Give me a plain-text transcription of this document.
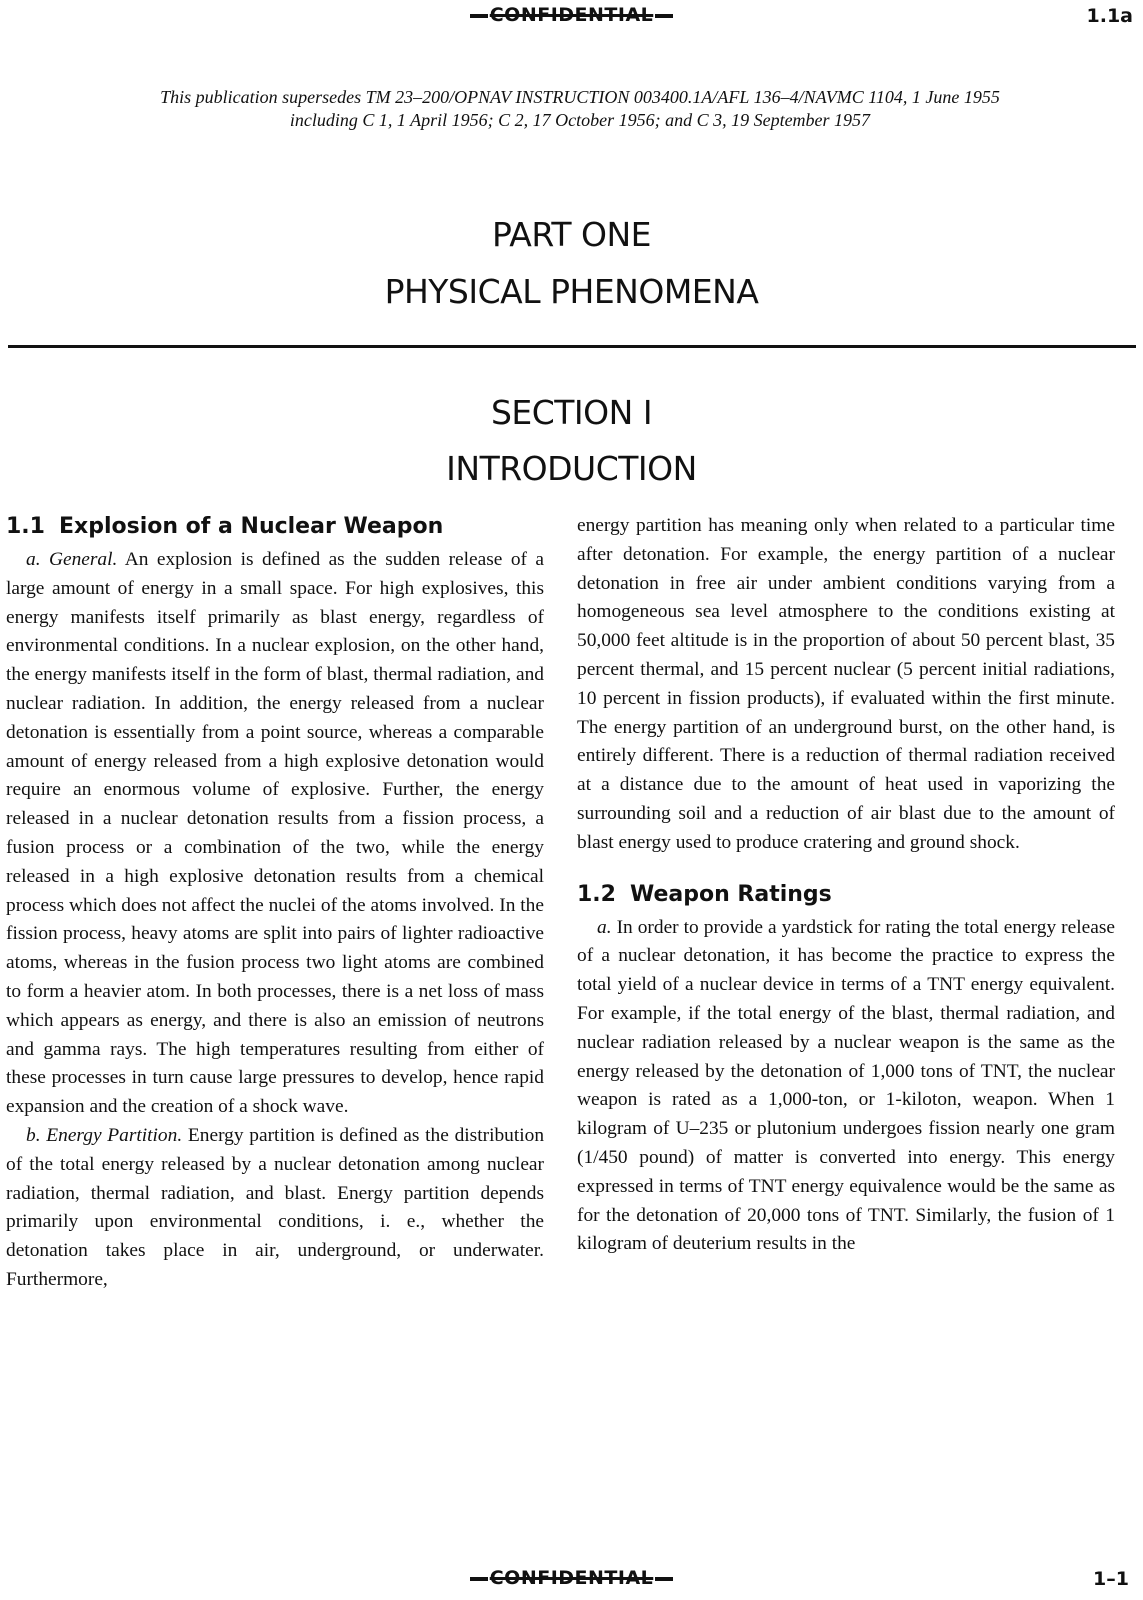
CONFIDENTIAL	1.1a
This publication supersedes TM 23–200/OPNAV INSTRUCTION 003400.1A/AFL 136–4/NAVMC 1104, 1 June 1955
including C 1, 1 April 1956; C 2, 17 October 1956; and C 3, 19 September 1957
PART ONE
PHYSICAL PHENOMENA
SECTION I
INTRODUCTION
1.1 Explosion of a Nuclear Weapon

a. General. An explosion is defined as the sudden release of a large amount of energy in a small space. For high explosives, this energy manifests itself primarily as blast energy, regardless of environmental conditions. In a nuclear explosion, on the other hand, the energy manifests itself in the form of blast, thermal radiation, and nuclear radiation. In addition, the energy released from a nuclear detonation is essentially from a point source, whereas a comparable amount of energy released from a high explosive detonation would require an enormous volume of explosive. Further, the energy released in a nuclear detonation results from a fission process, a fusion process or a combination of the two, while the energy released in a high explosive detonation results from a chemical process which does not affect the nuclei of the atoms involved. In the fission process, heavy atoms are split into pairs of lighter radioactive atoms, whereas in the fusion process two light atoms are combined to form a heavier atom. In both processes, there is a net loss of mass which appears as energy, and there is also an emission of neutrons and gamma rays. The high temperatures resulting from either of these processes in turn cause large pressures to develop, hence rapid expansion and the creation of a shock wave.

b. Energy Partition. Energy partition is defined as the distribution of the total energy released by a nuclear detonation among nuclear radiation, thermal radiation, and blast. Energy partition depends primarily upon environmental conditions, i. e., whether the detonation takes place in air, underground, or underwater. Furthermore,

energy partition has meaning only when related to a particular time after detonation. For example, the energy partition of a nuclear detonation in free air under ambient conditions varying from a homogeneous sea level atmosphere to the conditions existing at 50,000 feet altitude is in the proportion of about 50 percent blast, 35 percent thermal, and 15 percent nuclear (5 percent initial radiations, 10 percent in fission products), if evaluated within the first minute. The energy partition of an underground burst, on the other hand, is entirely different. There is a reduction of thermal radiation received at a distance due to the amount of heat used in vaporizing the surrounding soil and a reduction of air blast due to the amount of blast energy used to produce cratering and ground shock.

1.2 Weapon Ratings

a. In order to provide a yardstick for rating the total energy release of a nuclear detonation, it has become the practice to express the total yield of a nuclear device in terms of a TNT energy equivalent. For example, if the total energy of the blast, thermal radiation, and nuclear radiation released by a nuclear weapon is the same as the energy released by the detonation of 1,000 tons of TNT, the nuclear weapon is rated as a 1,000-ton, or 1-kiloton, weapon. When 1 kilogram of U–235 or plutonium undergoes fission nearly one gram (1/450 pound) of matter is converted into energy. This energy expressed in terms of TNT energy equivalence would be the same as for the detonation of 20,000 tons of TNT. Similarly, the fusion of 1 kilogram of deuterium results in the

CONFIDENTIAL	1–1
